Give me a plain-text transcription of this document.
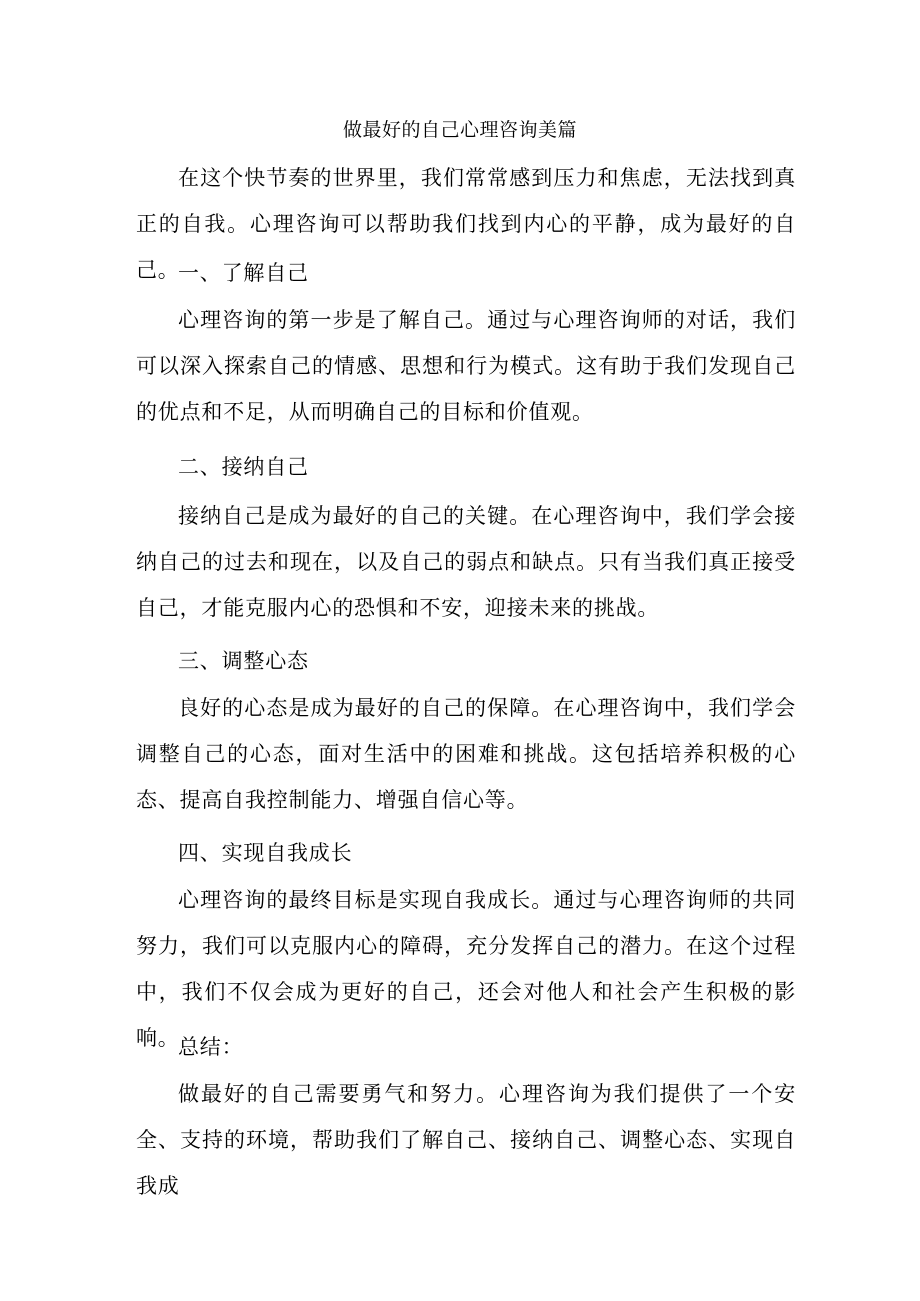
做最好的自己心理咨询美篇

在这个快节奏的世界里，我们常常感到压力和焦虑，无法找到真正的自我。心理咨询可以帮助我们找到内心的平静，成为最好的自己。

一、了解自己

心理咨询的第一步是了解自己。通过与心理咨询师的对话，我们可以深入探索自己的情感、思想和行为模式。这有助于我们发现自己的优点和不足，从而明确自己的目标和价值观。

二、接纳自己

接纳自己是成为最好的自己的关键。在心理咨询中，我们学会接纳自己的过去和现在，以及自己的弱点和缺点。只有当我们真正接受自己，才能克服内心的恐惧和不安，迎接未来的挑战。

三、调整心态

良好的心态是成为最好的自己的保障。在心理咨询中，我们学会调整自己的心态，面对生活中的困难和挑战。这包括培养积极的心态、提高自我控制能力、增强自信心等。

四、实现自我成长

心理咨询的最终目标是实现自我成长。通过与心理咨询师的共同努力，我们可以克服内心的障碍，充分发挥自己的潜力。在这个过程中，我们不仅会成为更好的自己，还会对他人和社会产生积极的影响。

总结：

做最好的自己需要勇气和努力。心理咨询为我们提供了一个安全、支持的环境，帮助我们了解自己、接纳自己、调整心态、实现自我成
